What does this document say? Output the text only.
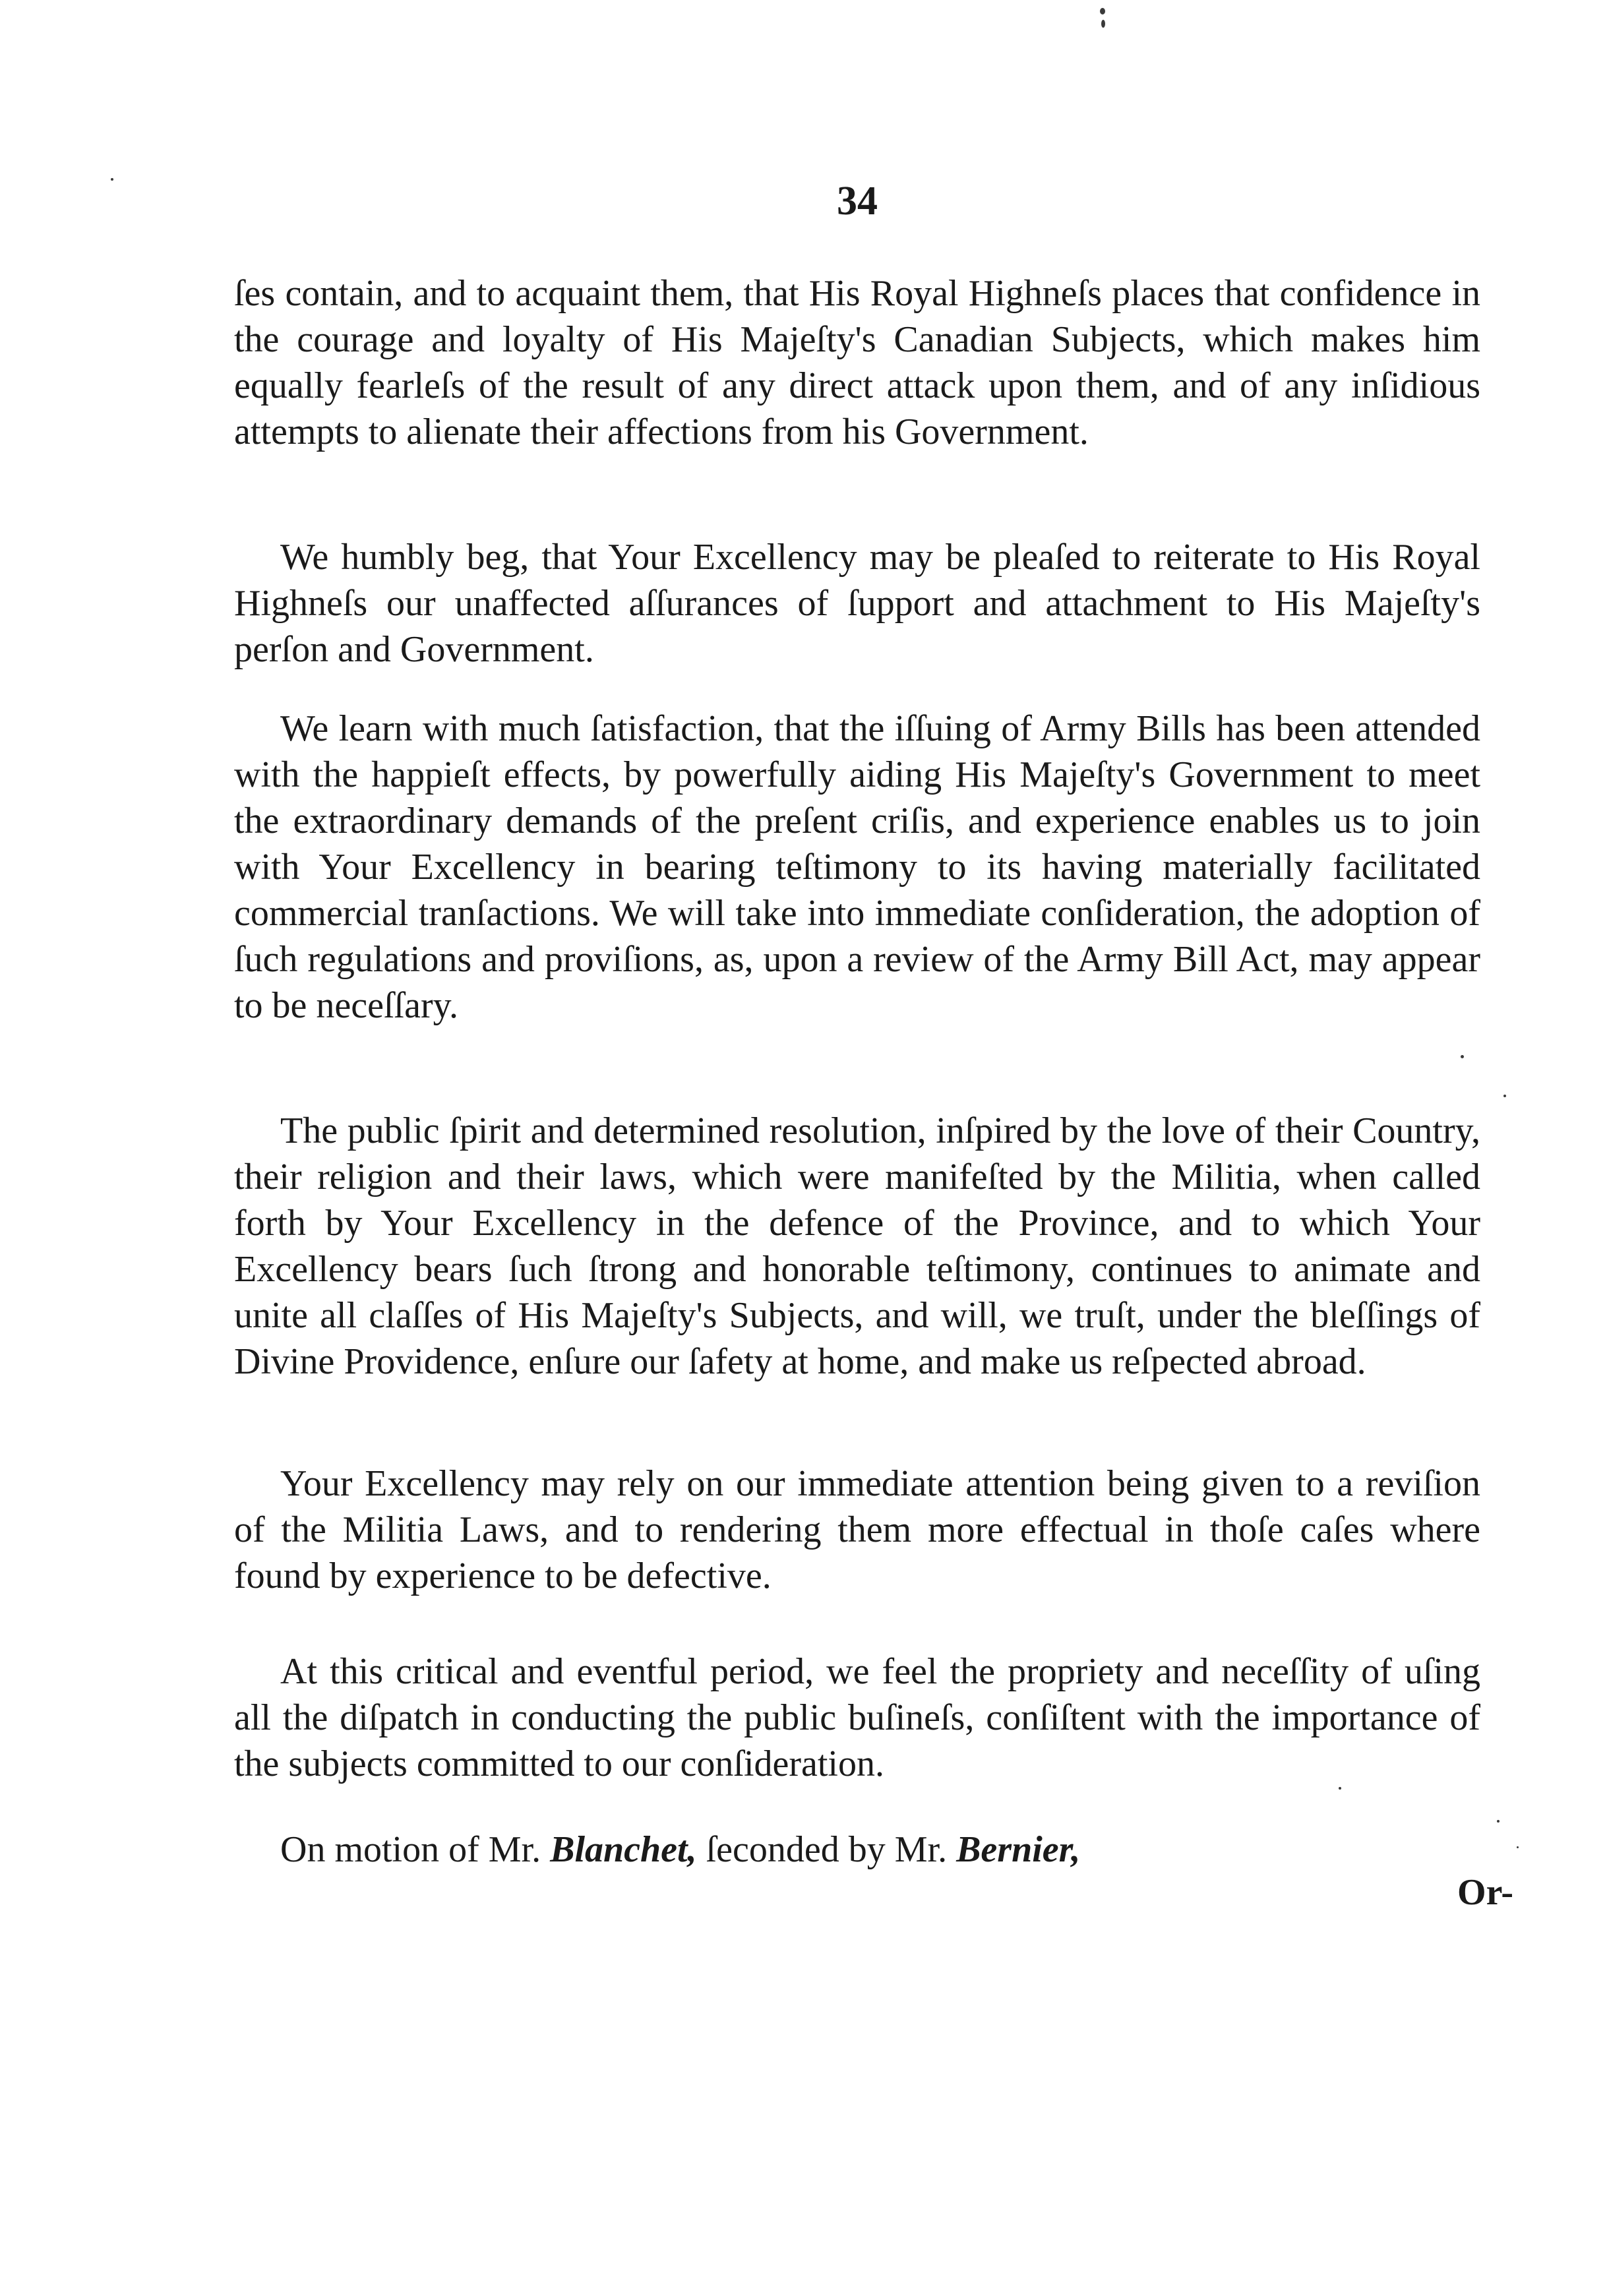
34

ſes contain, and to acquaint them, that His Royal Highneſs places that confidence in the courage and loyalty of His Majeſty's Canadian Subjects, which makes him equally fearleſs of the result of any direct attack upon them, and of any inſidious attempts to alienate their affections from his Government.

We humbly beg, that Your Excellency may be pleaſed to reiterate to His Royal Highneſs our unaffected aſſurances of ſupport and attachment to His Majeſty's perſon and Government.

We learn with much ſatisfaction, that the iſſuing of Army Bills has been attended with the happieſt effects, by powerfully aiding His Majeſty's Government to meet the extraordinary demands of the preſent criſis, and experience enables us to join with Your Excellency in bearing teſtimony to its having materially facilitated commercial tranſactions. We will take into immediate conſideration, the adoption of ſuch regulations and proviſions, as, upon a review of the Army Bill Act, may appear to be neceſſary.

The public ſpirit and determined resolution, inſpired by the love of their Country, their religion and their laws, which were manifeſted by the Militia, when called forth by Your Excellency in the defence of the Province, and to which Your Excellency bears ſuch ſtrong and honorable teſtimony, continues to animate and unite all claſſes of His Majeſty's Subjects, and will, we truſt, under the bleſſings of Divine Providence, enſure our ſafety at home, and make us reſpected abroad.

Your Excellency may rely on our immediate attention being given to a reviſion of the Militia Laws, and to rendering them more effectual in thoſe caſes where found by experience to be defective.

At this critical and eventful period, we feel the propriety and neceſſity of uſing all the diſpatch in conducting the public buſineſs, conſiſtent with the importance of the subjects committed to our conſideration.

On motion of Mr. Blanchet, ſeconded by Mr. Bernier,

Or-
